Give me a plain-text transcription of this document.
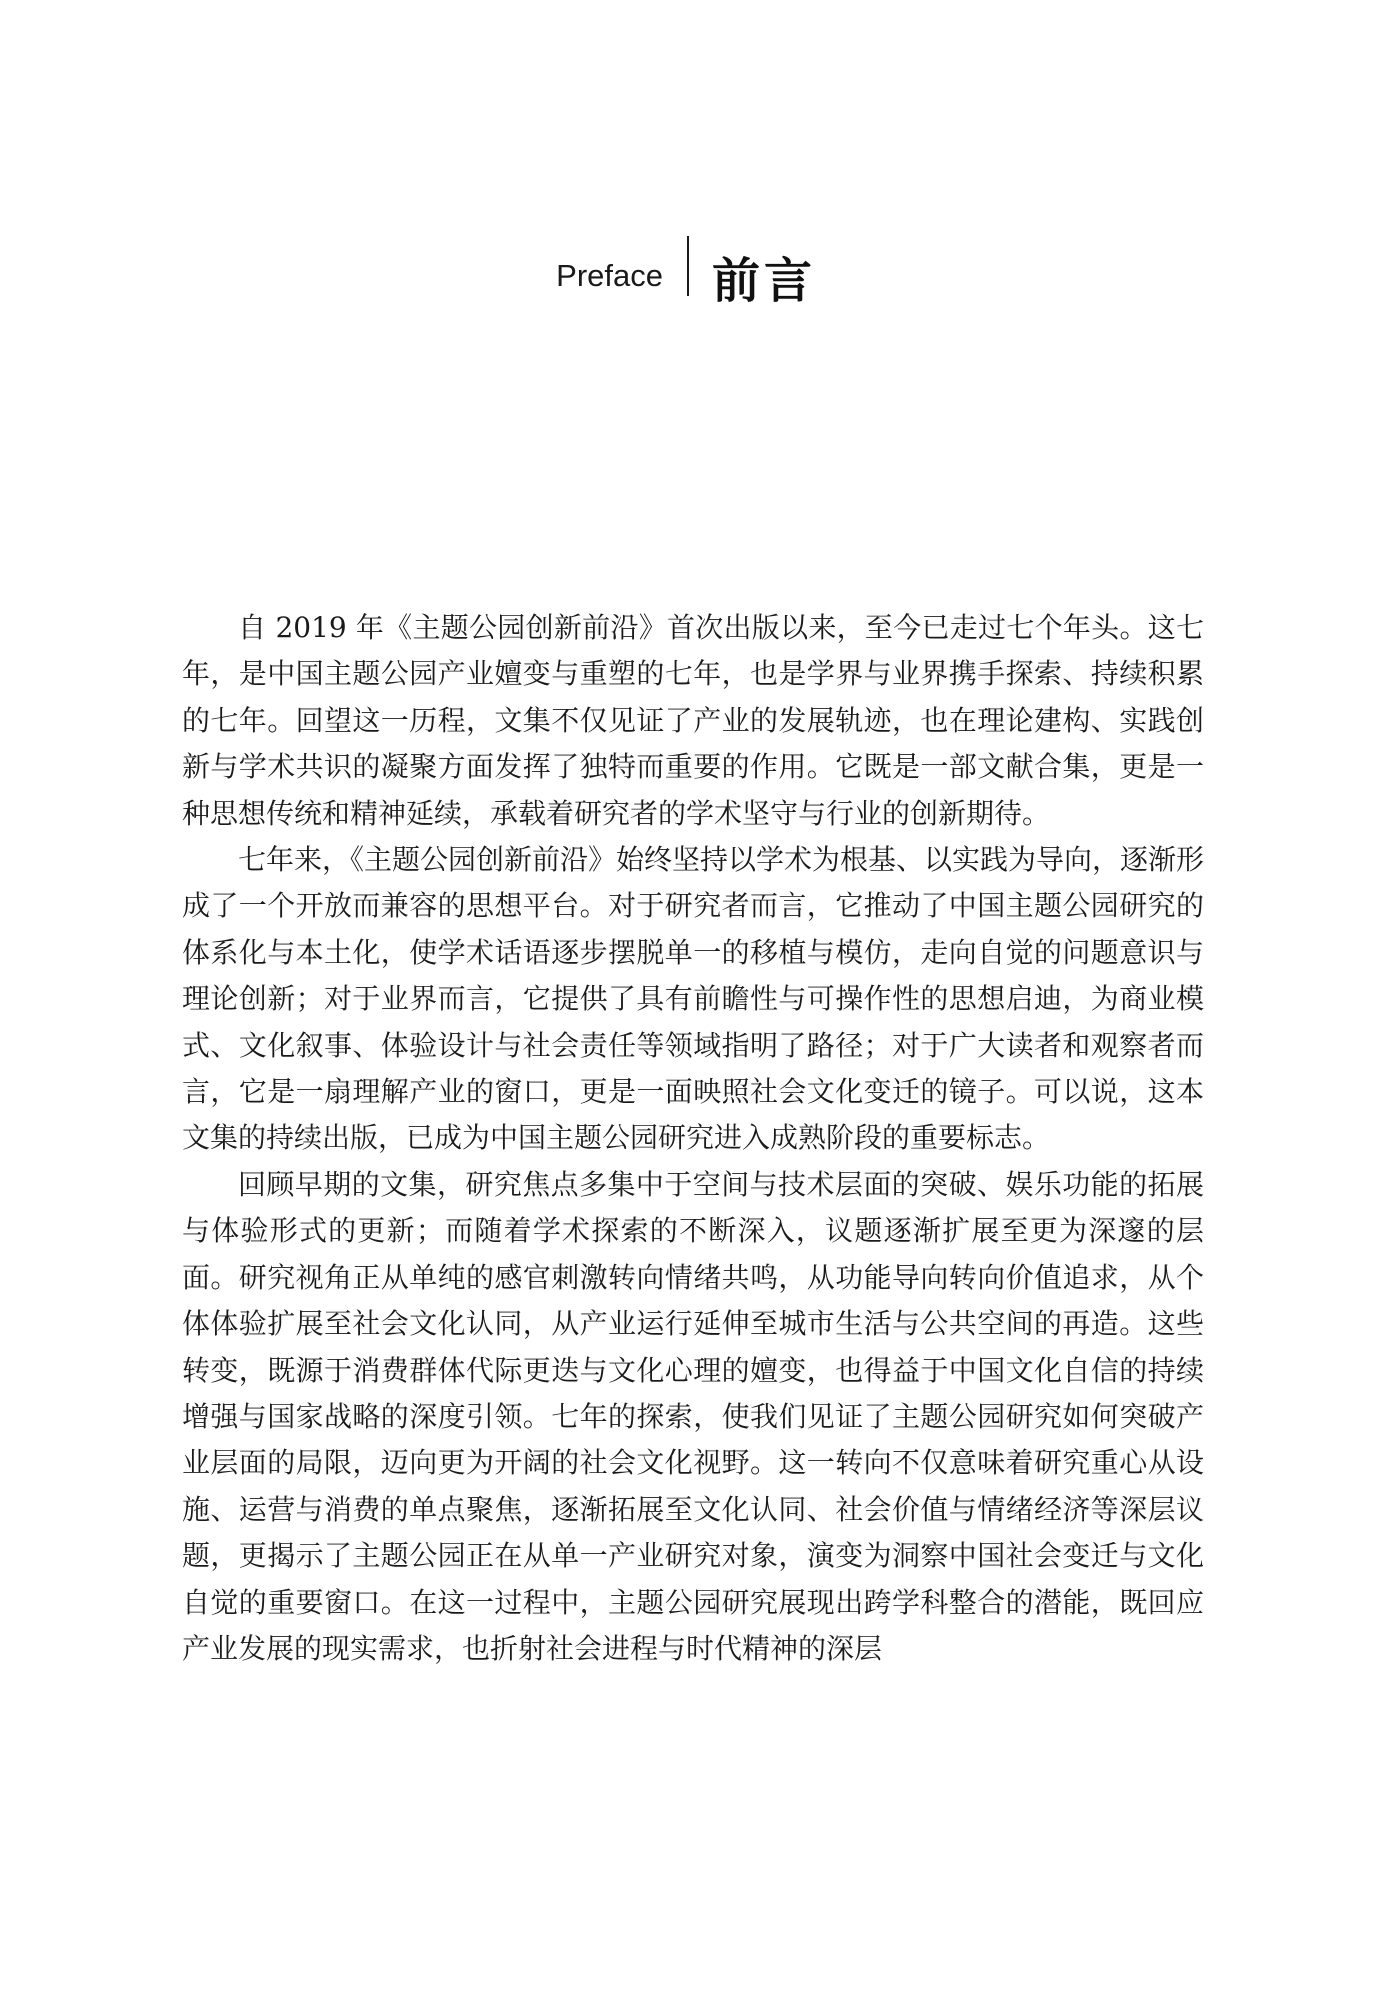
Preface 前言

自 2019 年《主题公园创新前沿》首次出版以来，至今已走过七个年头。这七年，是中国主题公园产业嬗变与重塑的七年，也是学界与业界携手探索、持续积累的七年。回望这一历程，文集不仅见证了产业的发展轨迹，也在理论建构、实践创新与学术共识的凝聚方面发挥了独特而重要的作用。它既是一部文献合集，更是一种思想传统和精神延续，承载着研究者的学术坚守与行业的创新期待。

七年来，《主题公园创新前沿》始终坚持以学术为根基、以实践为导向，逐渐形成了一个开放而兼容的思想平台。对于研究者而言，它推动了中国主题公园研究的体系化与本土化，使学术话语逐步摆脱单一的移植与模仿，走向自觉的问题意识与理论创新；对于业界而言，它提供了具有前瞻性与可操作性的思想启迪，为商业模式、文化叙事、体验设计与社会责任等领域指明了路径；对于广大读者和观察者而言，它是一扇理解产业的窗口，更是一面映照社会文化变迁的镜子。可以说，这本文集的持续出版，已成为中国主题公园研究进入成熟阶段的重要标志。

回顾早期的文集，研究焦点多集中于空间与技术层面的突破、娱乐功能的拓展与体验形式的更新；而随着学术探索的不断深入，议题逐渐扩展至更为深邃的层面。研究视角正从单纯的感官刺激转向情绪共鸣，从功能导向转向价值追求，从个体体验扩展至社会文化认同，从产业运行延伸至城市生活与公共空间的再造。这些转变，既源于消费群体代际更迭与文化心理的嬗变，也得益于中国文化自信的持续增强与国家战略的深度引领。七年的探索，使我们见证了主题公园研究如何突破产业层面的局限，迈向更为开阔的社会文化视野。这一转向不仅意味着研究重心从设施、运营与消费的单点聚焦，逐渐拓展至文化认同、社会价值与情绪经济等深层议题，更揭示了主题公园正在从单一产业研究对象，演变为洞察中国社会变迁与文化自觉的重要窗口。在这一过程中，主题公园研究展现出跨学科整合的潜能，既回应产业发展的现实需求，也折射社会进程与时代精神的深层
